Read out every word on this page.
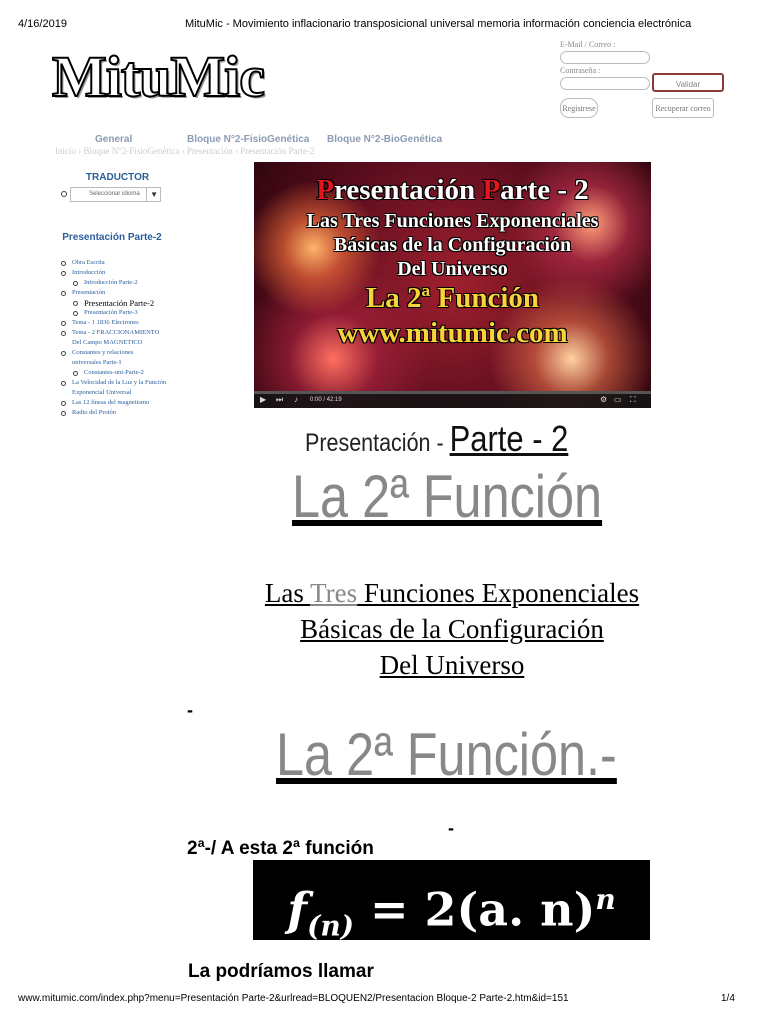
4/16/2019	MituMic - Movimiento inflacionario transposicional universal memoria información conciencia electrónica
MituMic	E-Mail / Correo :
Contraseña :
Validar
Registrese	Recuperar correo
General	Bloque N°2-FisioGenética Bloque N°2-BioGenética
Inicio › Bloque N°2-FisioGenética › Presentación › Presentación Parte-2
TRADUCTOR
Seleccionar idioma	▼
Presentación Parte-2
Obra Escrita
Introducción
Introducción Parte-2
Presentación
Presentación Parte-2
Presentación Parte-3
Tema - 1 1836 Electrones
Tema - 2 FRACCIONAMIENTO Del Campo MAGNETICO
Constantes y relaciones universales Parte-1
Constantes-uni-Parte-2
La Velocidad de la Luz y la Función Exponencial Universal
Las 12 líneas del magnetismo
Radio del Protón
Presentación Parte - 2
Las Tres Funciones Exponenciales
Básicas de la Configuración
Del Universo
La 2ª Función
www.mitumic.com
▶ ⏭ ♪ 0:00 / 42:19	⚙ ▭ ⛶
Presentación - Parte - 2
La 2ª Función
Las Tres Funciones Exponenciales
Básicas de la Configuración
Del Universo
-
La 2ª Función.-
-
2ª-/ A esta 2ª función
$f_{(n)} = 2(a$. n)$^n$
La podríamos llamar
www.mitumic.com/index.php?menu=Presentación Parte-2&urlread=BLOQUEN2/Presentacion Bloque-2 Parte-2.htm&id=151	1/4
